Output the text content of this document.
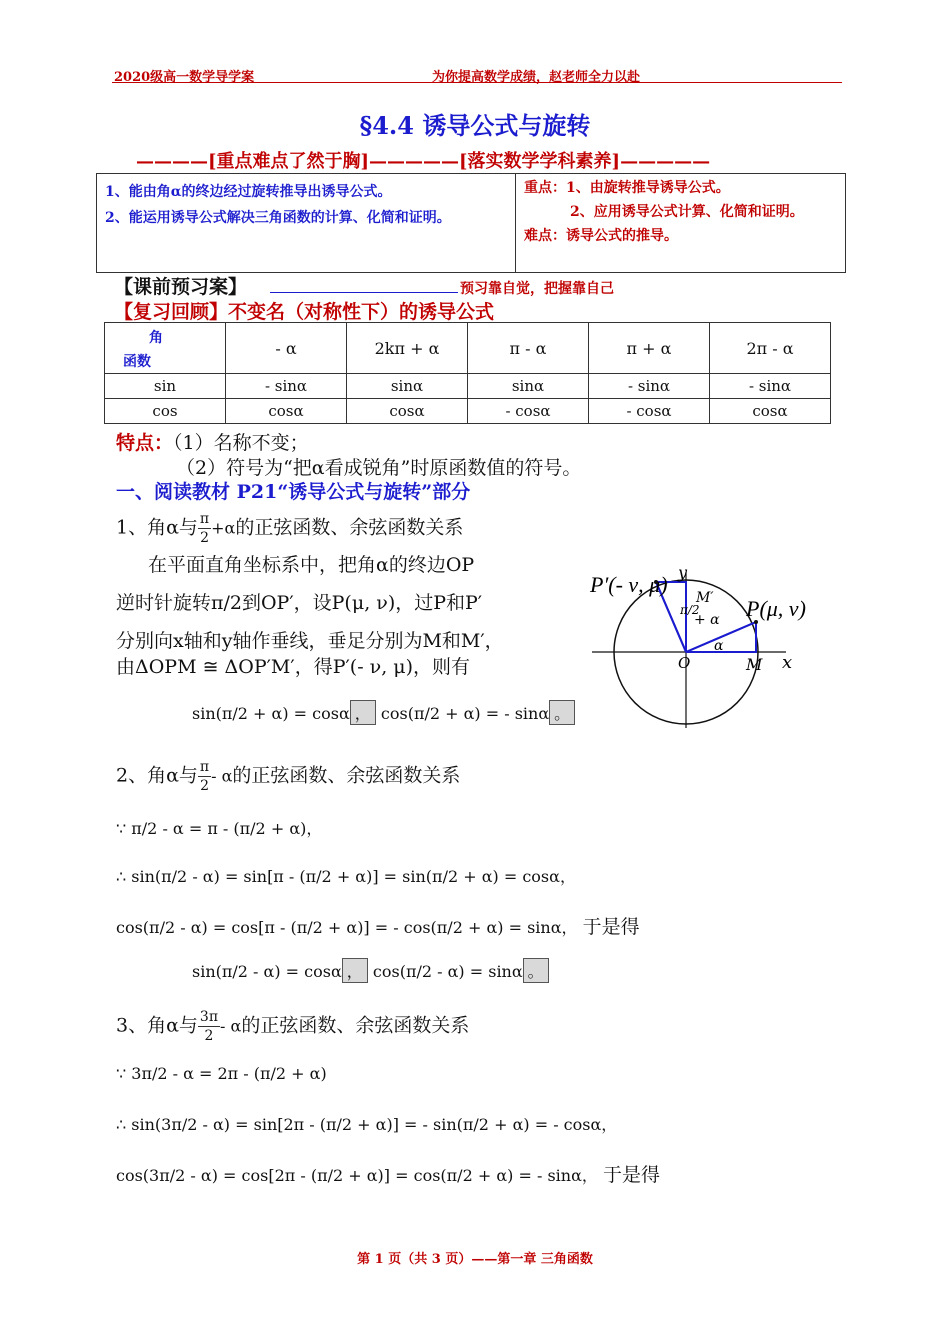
2020级高一数学导学案	为你提高数学成绩，赵老师全力以赴
§4.4 诱导公式与旋转
————[重点难点了然于胸]—————[落实数学学科素养]—————
1、能由角α的终边经过旋转推导出诱导公式。
2、能运用诱导公式解决三角函数的计算、化简和证明。
重点：1、由旋转推导诱导公式。
2、应用诱导公式计算、化简和证明。
难点：诱导公式的推导。
【课前预习案】	预习靠自觉，把握靠自己
【复习回顾】不变名（对称性下）的诱导公式
角
函数	- α	2kπ + α	π - α	π + α	2π - α
sin	- sinα	sinα	sinα	- sinα	- sinα
cos	cosα	cosα	- cosα	- cosα	cosα
特点：（1）名称不变；
（2）符号为“把α看成锐角”时原函数值的符号。
一、阅读教材 P21“诱导公式与旋转”部分
1、角α与 $\frac{\pi}{2} +\alpha$的正弦函数、余弦函数关系
在平面直角坐标系中，把角α的终边OP
逆时针旋转π/2到OP′，设P(μ, ν)，过P和P′
分别向x轴和y轴作垂线，垂足分别为M和M′，
由ΔOPM ≅ ΔOP′M′，得P′(- ν, μ)，则有
sin(π/2 + α) = cosα ， cos(π/2 + α) = - sinα 。
P′(- ν, μ)
P(μ, ν)
y
x
O	M
M′
π/2
+ α
α
2、角α与 $\frac{\pi}{2}$ - α的正弦函数、余弦函数关系
∵ π/2 - α = π - (π/2 + α)，
∴ sin(π/2 - α) = sin[π - (π/2 + α)] = sin(π/2 + α) = cosα，
cos(π/2 - α) = cos[π - (π/2 + α)] = - cos(π/2 + α) = sinα， 于是得
sin(π/2 - α) = cosα ， cos(π/2 - α) = sinα 。
3、角α与 $\frac{3\pi}{2}$ - α的正弦函数、余弦函数关系
∵ 3π/2 - α = 2π - (π/2 + α)
∴ sin(3π/2 - α) = sin[2π - (π/2 + α)] = - sin(π/2 + α) = - cosα，
cos(3π/2 - α) = cos[2π - (π/2 + α)] = cos(π/2 + α) = - sinα， 于是得
第 1 页（共 3 页）——第一章 三角函数
